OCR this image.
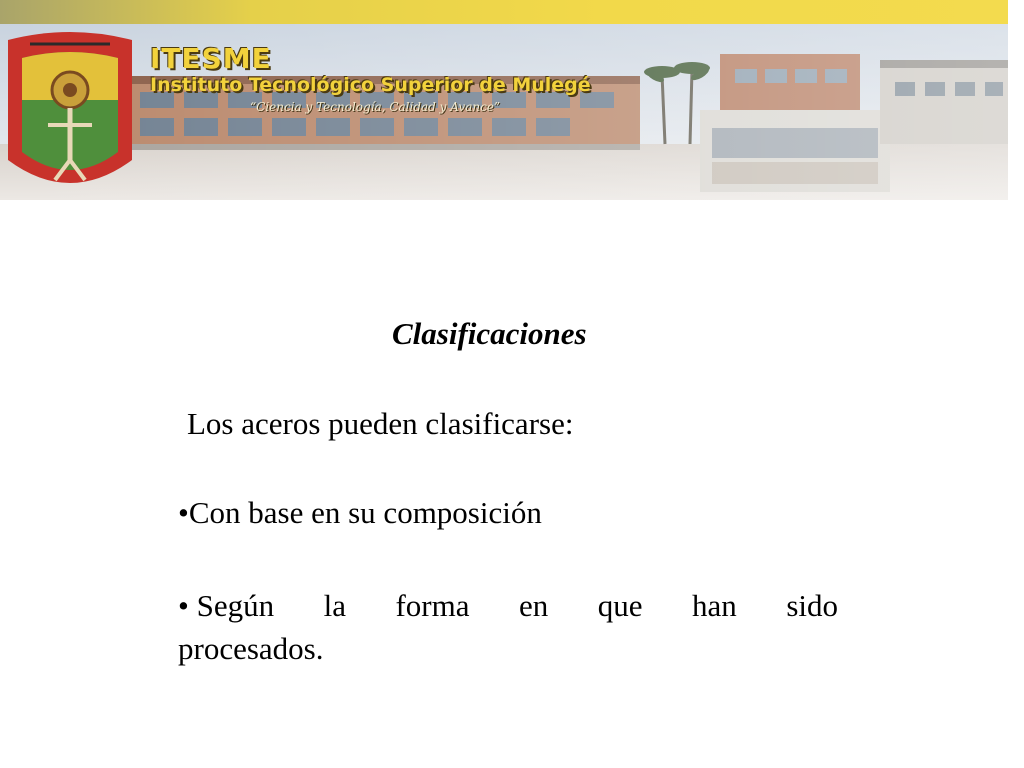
ITESME
Instituto Tecnológico Superior de Mulegé
“Ciencia y Tecnología, Calidad y Avance”
Clasificaciones
Los aceros pueden clasificarse:
•Con base en su composición
• Según la forma en que han sido
procesados.
